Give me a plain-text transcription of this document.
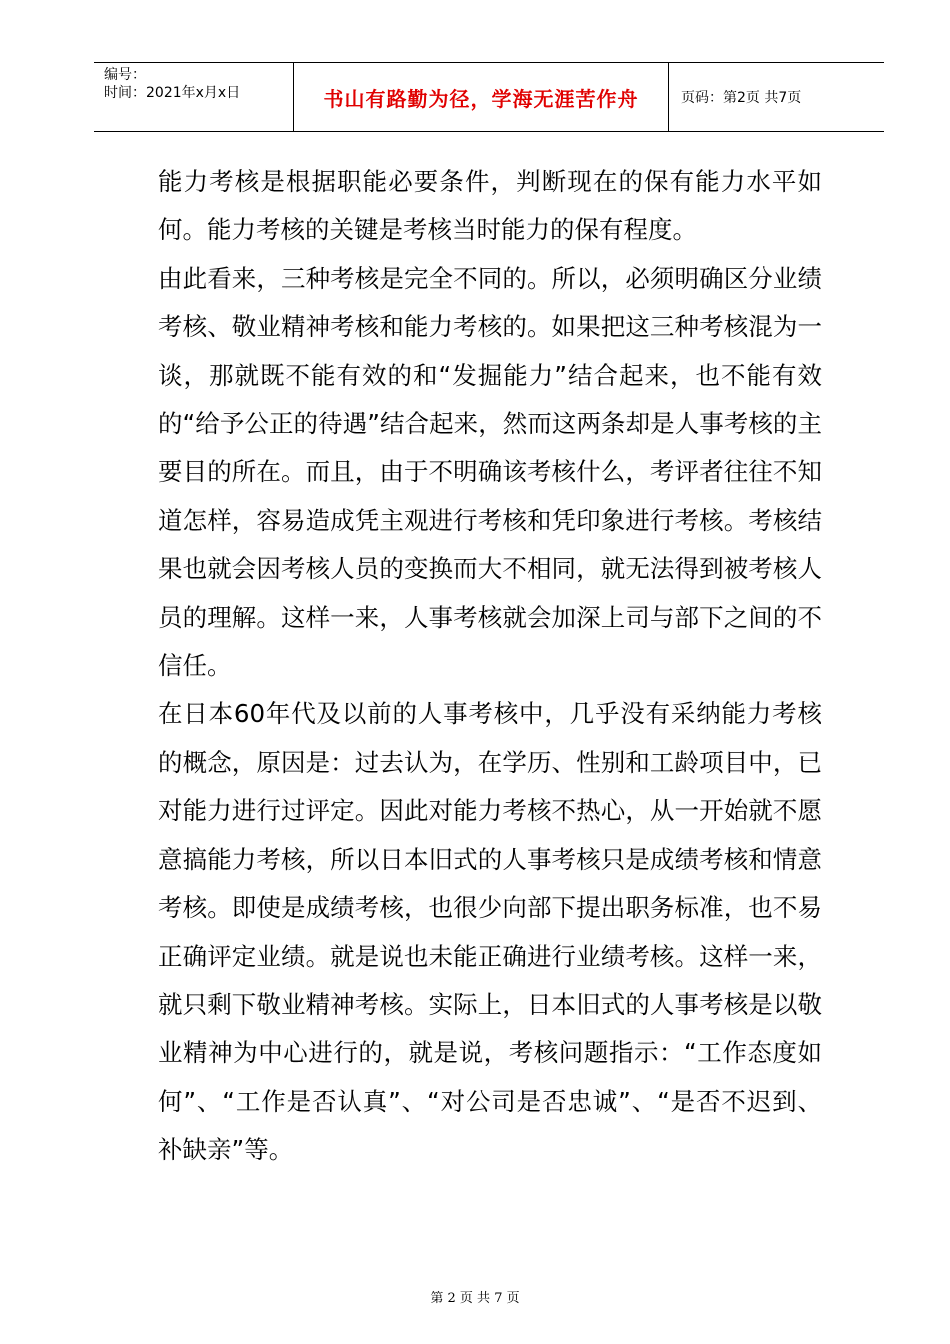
编号：
时间：2021年x月x日	书山有路勤为径，学海无涯苦作舟	页码：第2页 共7页

能力考核是根据职能必要条件，判断现在的保有能力水平如何。能力考核的关键是考核当时能力的保有程度。

由此看来，三种考核是完全不同的。所以，必须明确区分业绩考核、敬业精神考核和能力考核的。如果把这三种考核混为一谈，那就既不能有效的和“发掘能力”结合起来，也不能有效的“给予公正的待遇”结合起来，然而这两条却是人事考核的主要目的所在。而且，由于不明确该考核什么，考评者往往不知道怎样，容易造成凭主观进行考核和凭印象进行考核。考核结果也就会因考核人员的变换而大不相同，就无法得到被考核人员的理解。这样一来，人事考核就会加深上司与部下之间的不信任。

在日本60年代及以前的人事考核中，几乎没有采纳能力考核的概念，原因是：过去认为，在学历、性别和工龄项目中，已对能力进行过评定。因此对能力考核不热心，从一开始就不愿意搞能力考核，所以日本旧式的人事考核只是成绩考核和情意考核。即使是成绩考核，也很少向部下提出职务标准，也不易正确评定业绩。就是说也未能正确进行业绩考核。这样一来，就只剩下敬业精神考核。实际上，日本旧式的人事考核是以敬业精神为中心进行的，就是说，考核问题指示：“工作态度如何”、“工作是否认真”、“对公司是否忠诚”、“是否不迟到、补缺亲”等。

第 2 页 共 7 页
